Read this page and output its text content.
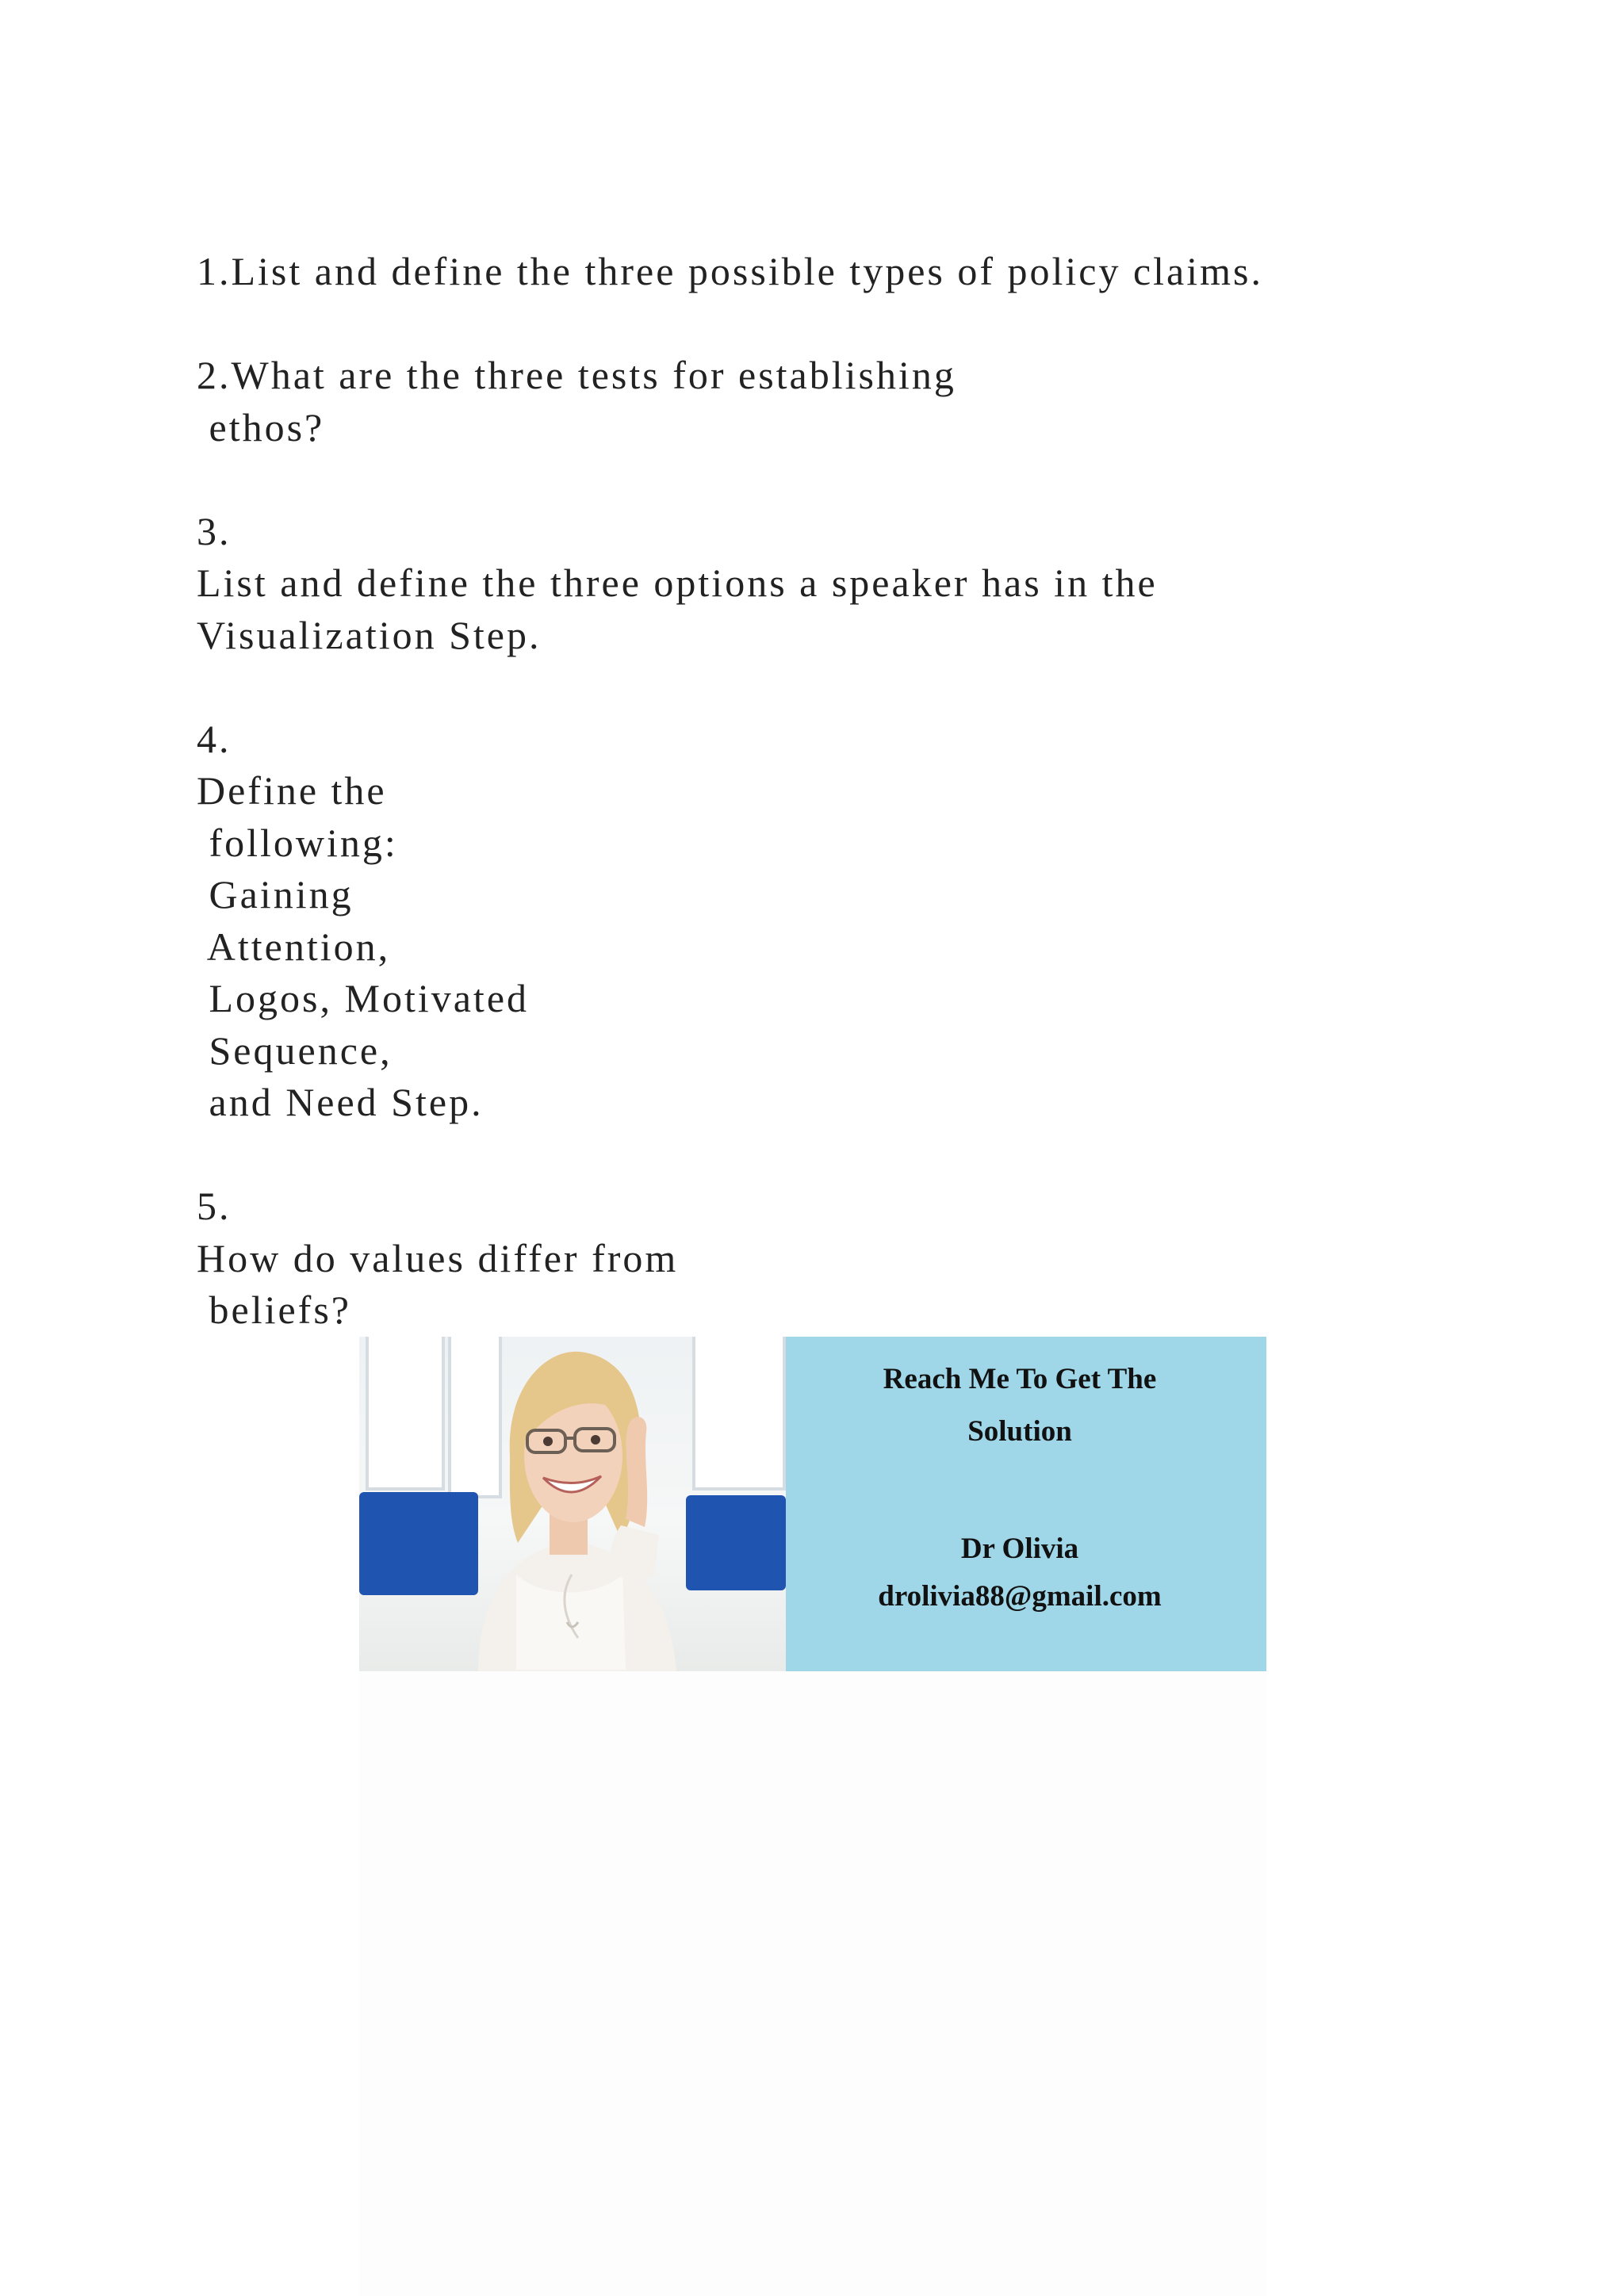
1.List and define the three possible types of policy claims.
2.What are the three tests for establishing
ethos?
3.
List and define the three options a speaker has in the
Visualization Step.
4.
Define the
following:
Gaining
Attention,
Logos, Motivated
Sequence,
and Need Step.
5.
How do values differ from
beliefs?
Reach Me To Get The
Solution
Dr Olivia
drolivia88@gmail.com
